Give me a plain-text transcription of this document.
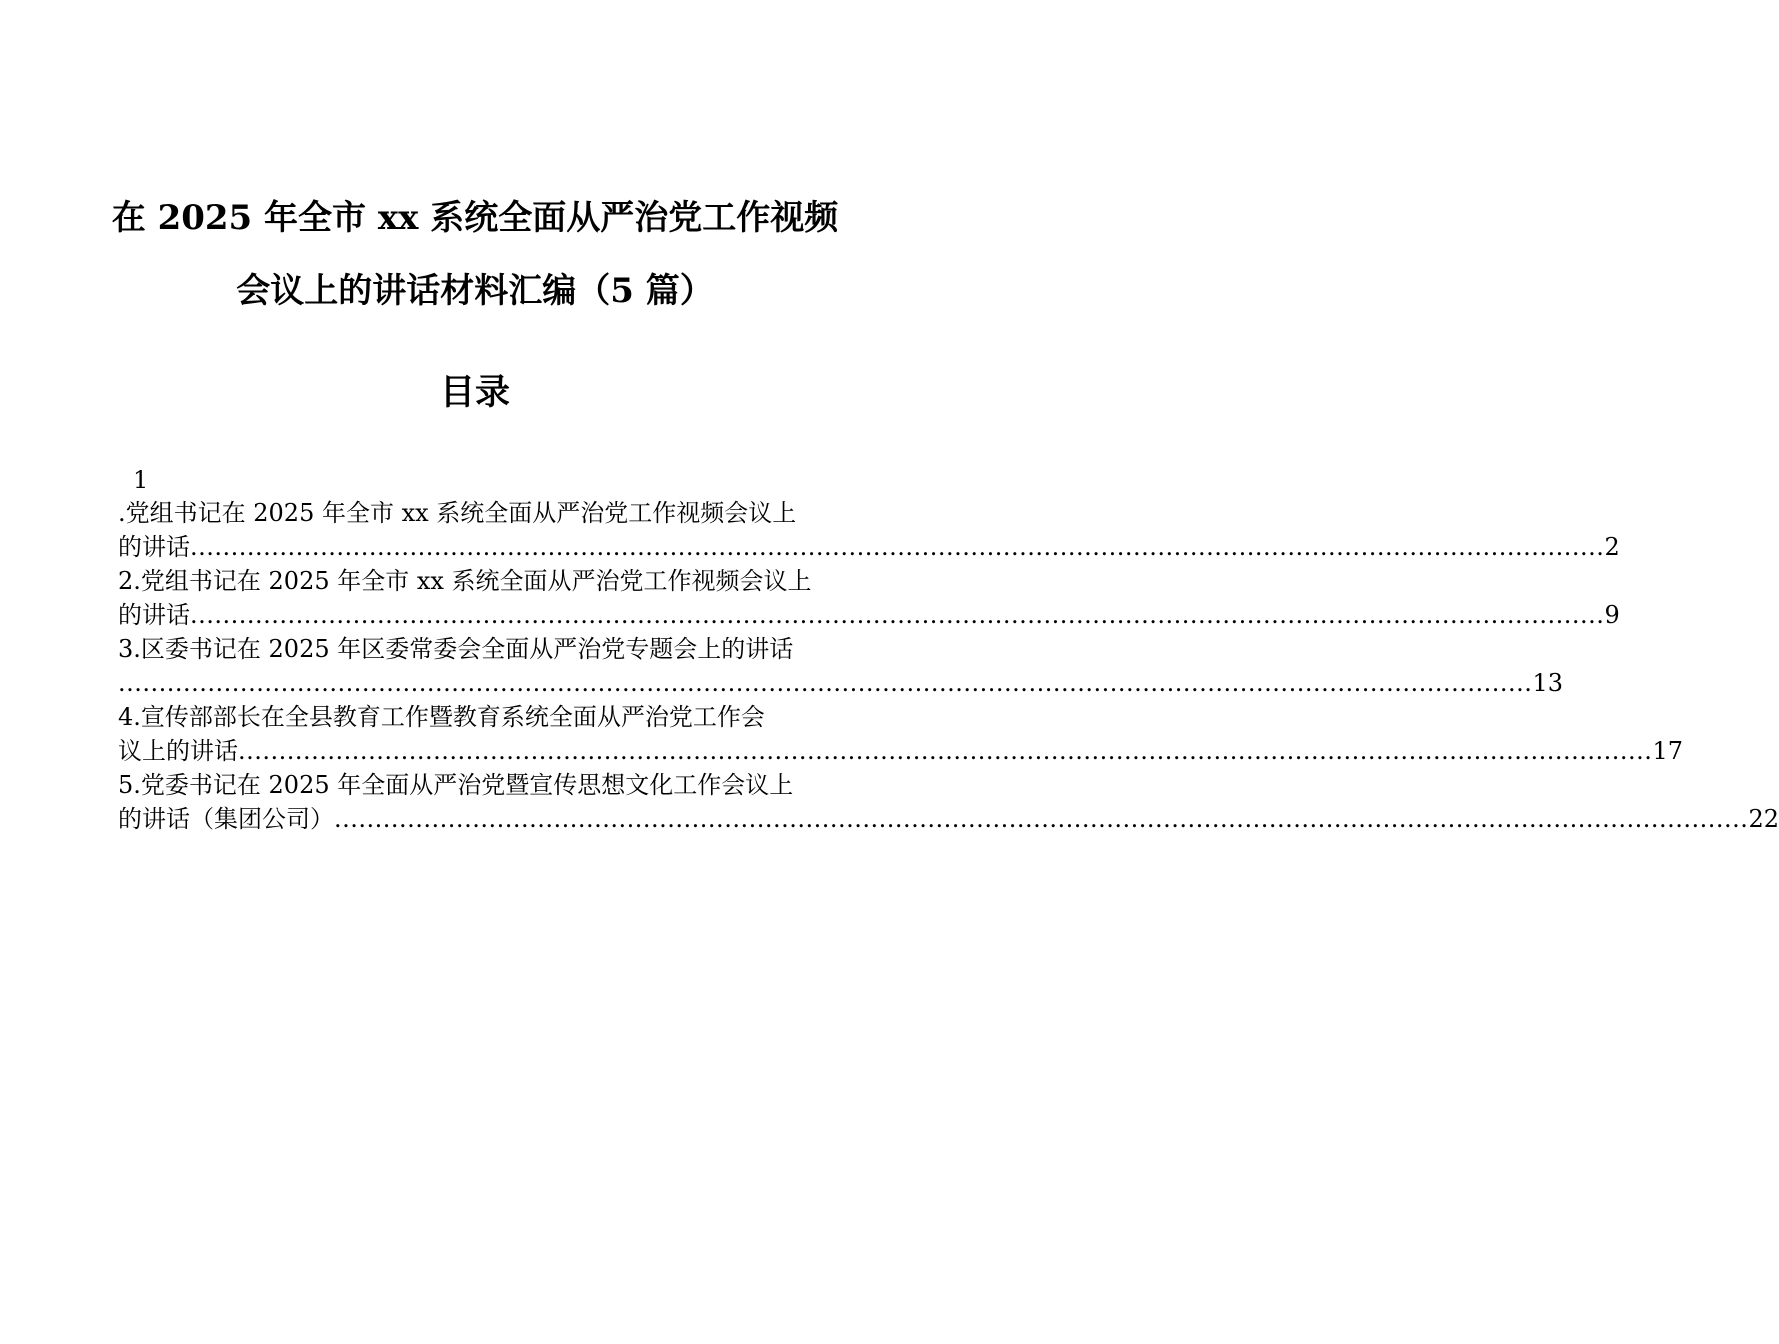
在 2025 年全市 xx 系统全面从严治党工作视频
会议上的讲话材料汇编（5 篇）
目录
1
.党组书记在 2025 年全市 xx 系统全面从严治党工作视频会议上
的讲话 .............................................................................................................................................................................. 2
2.党组书记在 2025 年全市 xx 系统全面从严治党工作视频会议上
的讲话 .............................................................................................................................................................................. 9
3.区委书记在 2025 年区委常委会全面从严治党专题会上的讲话
.............................................................................................................................................................................. 13
4.宣传部部长在全县教育工作暨教育系统全面从严治党工作会
议上的讲话 .............................................................................................................................................................................. 17
5.党委书记在 2025 年全面从严治党暨宣传思想文化工作会议上
的讲话（集团公司） .............................................................................................................................................................................. 22
